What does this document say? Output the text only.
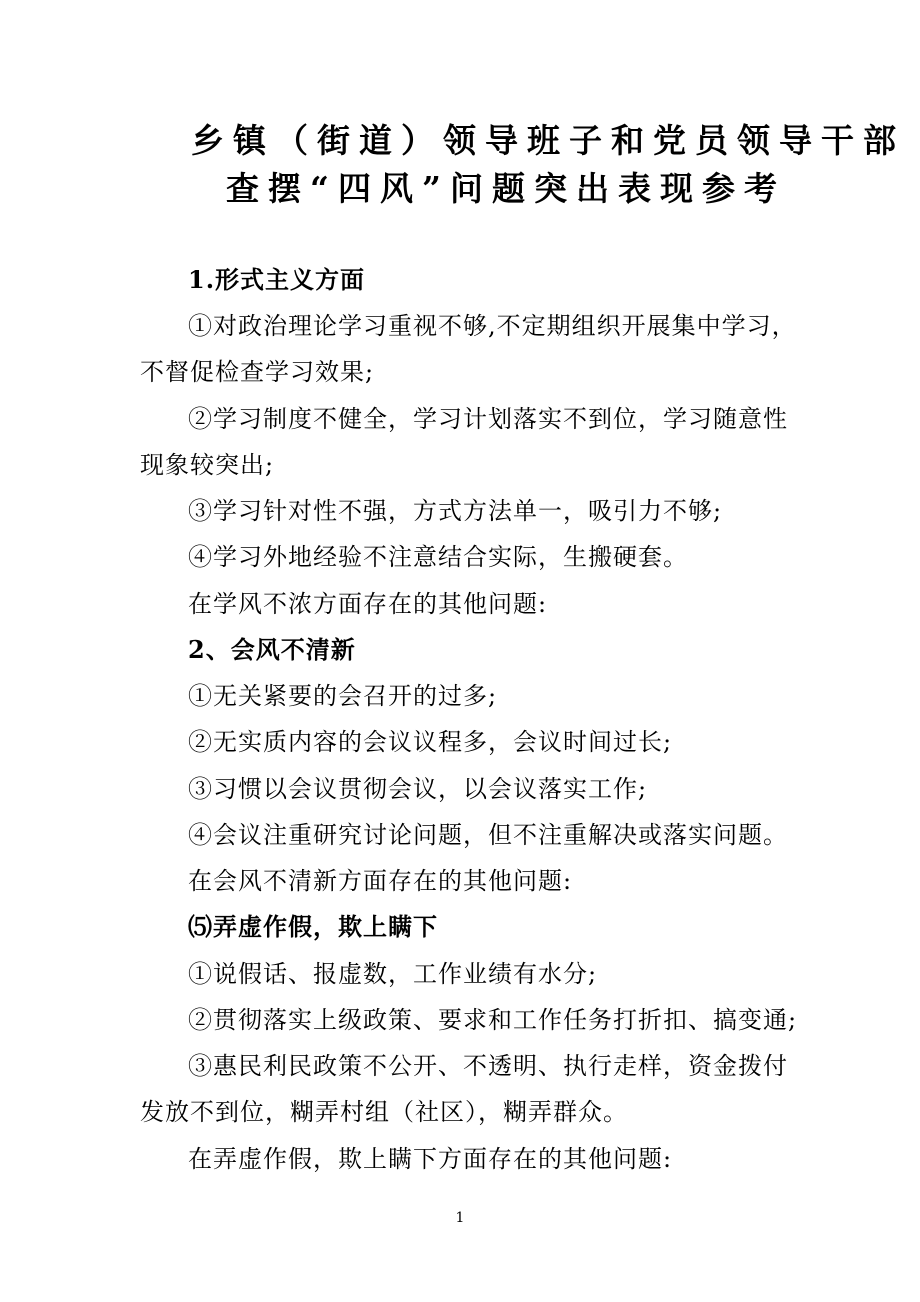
乡镇（街道）领导班子和党员领导干部
查摆“四风”问题突出表现参考
1.形式主义方面
①对政治理论学习重视不够,不定期组织开展集中学习，
不督促检查学习效果;
②学习制度不健全，学习计划落实不到位，学习随意性
现象较突出;
③学习针对性不强，方式方法单一，吸引力不够;
④学习外地经验不注意结合实际，生搬硬套。
在学风不浓方面存在的其他问题:
2、会风不清新
①无关紧要的会召开的过多;
②无实质内容的会议议程多，会议时间过长;
③习惯以会议贯彻会议，以会议落实工作;
④会议注重研究讨论问题，但不注重解决或落实问题。
在会风不清新方面存在的其他问题:
⑸弄虚作假，欺上瞒下
①说假话、报虚数，工作业绩有水分;
②贯彻落实上级政策、要求和工作任务打折扣、搞变通;
③惠民利民政策不公开、不透明、执行走样，资金拨付
发放不到位，糊弄村组（社区），糊弄群众。
在弄虚作假，欺上瞒下方面存在的其他问题:
1
